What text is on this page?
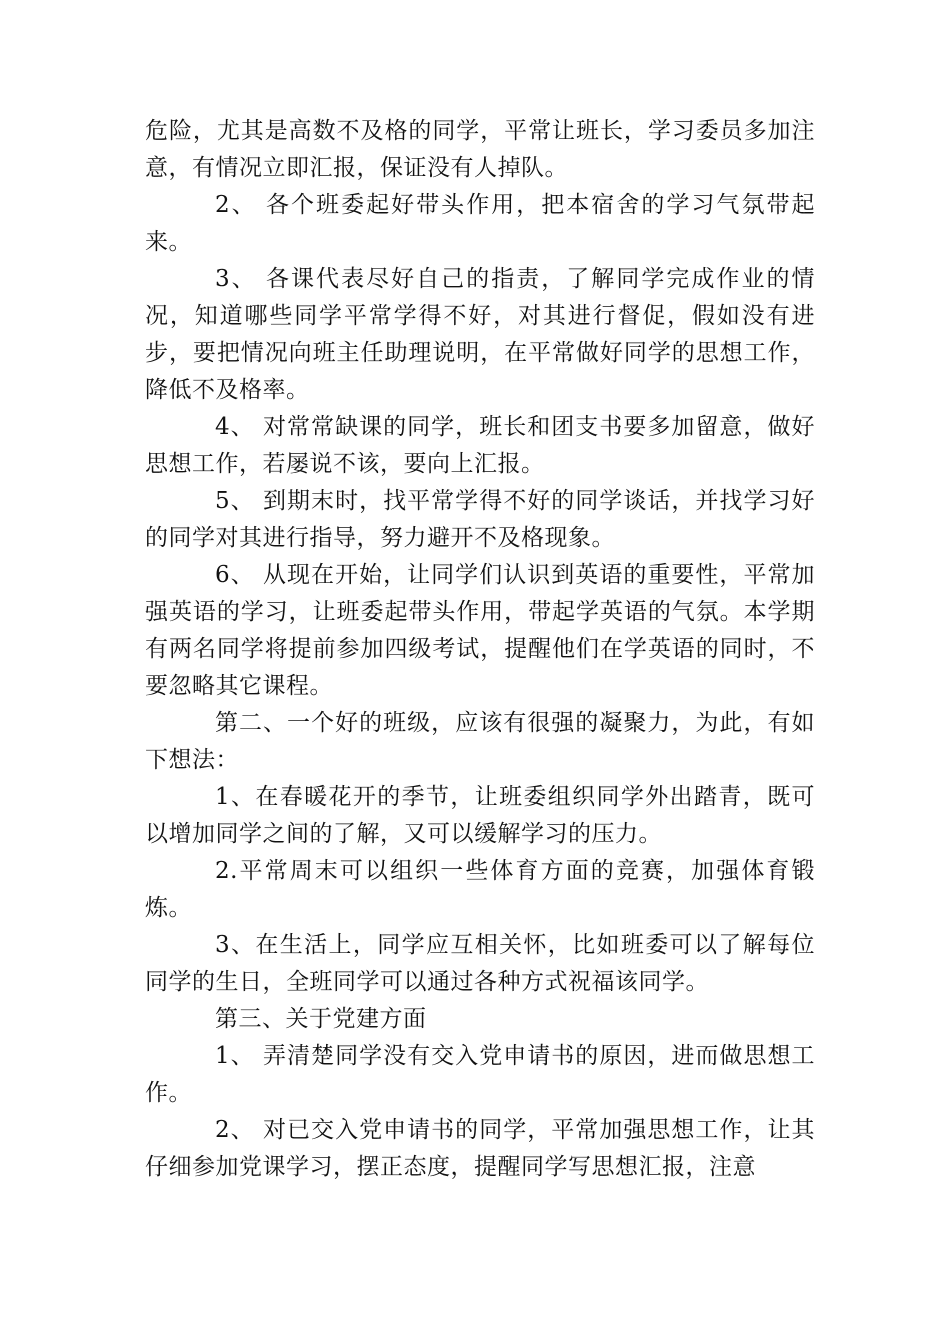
危险，尤其是高数不及格的同学，平常让班长，学习委员多加注意，有情况立即汇报，保证没有人掉队。

2、 各个班委起好带头作用，把本宿舍的学习气氛带起来。

3、 各课代表尽好自己的指责，了解同学完成作业的情况，知道哪些同学平常学得不好，对其进行督促，假如没有进步，要把情况向班主任助理说明，在平常做好同学的思想工作，降低不及格率。

4、 对常常缺课的同学，班长和团支书要多加留意，做好思想工作，若屡说不该，要向上汇报。

5、 到期末时，找平常学得不好的同学谈话，并找学习好的同学对其进行指导，努力避开不及格现象。

6、 从现在开始，让同学们认识到英语的重要性，平常加强英语的学习，让班委起带头作用，带起学英语的气氛。本学期有两名同学将提前参加四级考试，提醒他们在学英语的同时，不要忽略其它课程。

第二、一个好的班级，应该有很强的凝聚力，为此，有如下想法：

1、在春暖花开的季节，让班委组织同学外出踏青，既可以增加同学之间的了解，又可以缓解学习的压力。

2.平常周末可以组织一些体育方面的竞赛，加强体育锻炼。

3、在生活上，同学应互相关怀，比如班委可以了解每位同学的生日，全班同学可以通过各种方式祝福该同学。

第三、关于党建方面

1、 弄清楚同学没有交入党申请书的原因，进而做思想工作。

2、 对已交入党申请书的同学，平常加强思想工作，让其仔细参加党课学习，摆正态度，提醒同学写思想汇报，注意
